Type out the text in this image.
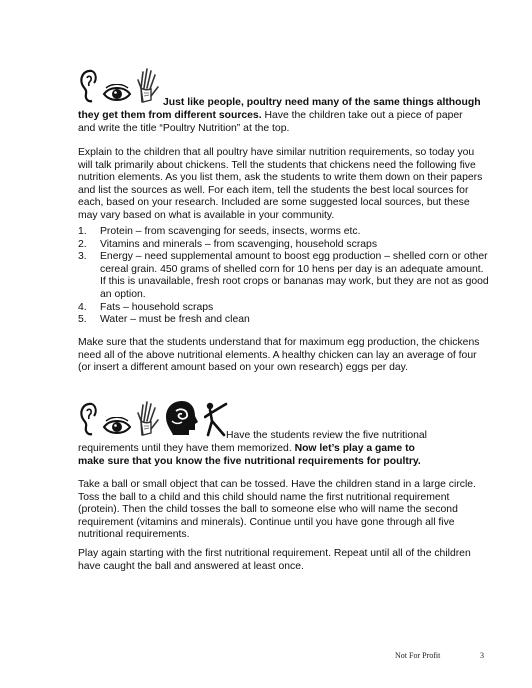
Just like people, poultry need many of the same things although
they get them from different sources. Have the children take out a piece of paper
and write the title “Poultry Nutrition” at the top.

Explain to the children that all poultry have similar nutrition requirements, so today you will talk primarily about chickens. Tell the students that chickens need the following five nutrition elements. As you list them, ask the students to write them down on their papers and list the sources as well. For each item, tell the students the best local sources for each, based on your research. Included are some suggested local sources, but these may vary based on what is available in your community.

1. Protein – from scavenging for seeds, insects, worms etc.
2. Vitamins and minerals – from scavenging, household scraps
3. Energy – need supplemental amount to boost egg production – shelled corn or other cereal grain. 450 grams of shelled corn for 10 hens per day is an adequate amount. If this is unavailable, fresh root crops or bananas may work, but they are not as good an option.
4. Fats – household scraps
5. Water – must be fresh and clean

Make sure that the students understand that for maximum egg production, the chickens need all of the above nutritional elements. A healthy chicken can lay an average of four (or insert a different amount based on your own research) eggs per day.

Have the students review the five nutritional
requirements until they have them memorized. Now let’s play a game to
make sure that you know the five nutritional requirements for poultry.

Take a ball or small object that can be tossed. Have the children stand in a large circle. Toss the ball to a child and this child should name the first nutritional requirement (protein). Then the child tosses the ball to someone else who will name the second requirement (vitamins and minerals). Continue until you have gone through all five nutritional requirements.

Play again starting with the first nutritional requirement. Repeat until all of the children have caught the ball and answered at least once.

Not For Profit	3
